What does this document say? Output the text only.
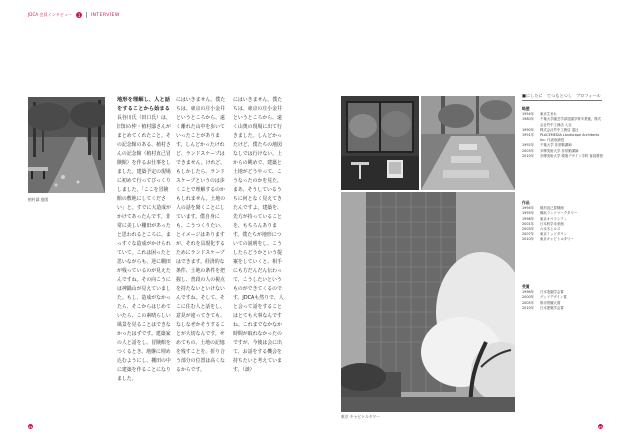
JDCA 会員インタビュー	1	INTERVIEW
植村邸 庭園
地形を理解し、人と話をすることから始まる
長谷川氏（田口氏）は、旧知の仲・植村邸さんがまとめてくれたこと。その記念館のある、植村さんの記念館（植村直己冒険館）を作るお仕事をしました。建築予定の現場に初めて行ってびっくりしました。「ここを冒険館の敷地にしてください」と。すでに大造成がかけてあったんです。非常に美しい棚田があったと思われるところに、まっすぐな造成がかけられていて。これは困ったと思いながらも、逆に棚田が残っているのが見えたんですね。その向こうには神鍋山が見えていました。もし、造成がなかったら、そこからはじめていたら、この素晴らしい風景を見ることはできなかったはずです。建築家の人と話をし、冒険館をつくるとき、地盤に埋め込むようにし、棚田の中に建築を作ることになりました。
にはいきません。僕たちは、東京の庄小金井というところから、遠く離れた山中を歩いていったことがあります。しんどかったけれど、ランドスケープはできません。けれど、もしかしたら、ランドスケープというのは歩くことで理解するのかもしれません。土地の人の話を聞くことにしています。僕自身にも、こうつくりたい、とイメージはありますが、それを具現化するためにランドスケープはできます。経済的な条件、土地の条件を把握し、普段の人の視点を持たないといけないんですね。そして、そこに住む人と話をし、意見が違ってきても、なしなぜかそうすることが大切なんです。せめてもの、土地の記憶を残すことを、折り合う部分の位置は高くなるからです。
にはいきません。僕たちは、東京の庄小金井というところから、遠く山奥の現場に出て行きました。しんどかったけど、僕たちの地図なしでは行けない。上からの眺めで、建築と土地がどうやって、こうなったのかを見た。まあ、そうしているうちに何となく見えてきたんですよ。建築を、先方が持っていることを、もちろんあります。僕たちが地形についての説明をし、こうしたらどうかという提案をしていくと、相手にも方だんだん伝わって、こうしたいというものができてくるのです。JDCAも然りで、人と会って話をすることはとても大事なんですね。これまでなかなか時間が取れなかったのですが、今後は会に出て、お話をする機会を持ちたいと考えています。（談）
東京 キャピトルタワー
■にしたに　てつもとつし　プロフィール
略歴
1954年	東京生まれ
1980年	千葉大学園芸学部造園学科卒業後、株式会社竹中工務店 入社
1990年	株式会社竹中工務店 退社
1991年	PLACEMEDIA Landscape Architects Inc. 代表取締役
1992年	千葉大学 非常勤講師
2003年	多摩美術大学 非常勤講師
2010年	多摩美術大学 環境デザイン学科 客員教授
作品
1994年	植村直己冒険館
1995年	横浜ランドマークタワー
1998年	東京オペラシティ
2001年	日本科学未来館
2003年	六本木ヒルズ
2007年	東京ミッドタウン
2010年	東京キャピトルタワー
受賞
1996年	日本造園学会賞
2000年	グッドデザイン賞
2005年	都市景観大賞
2010年	日本建築学会賞
22	23
